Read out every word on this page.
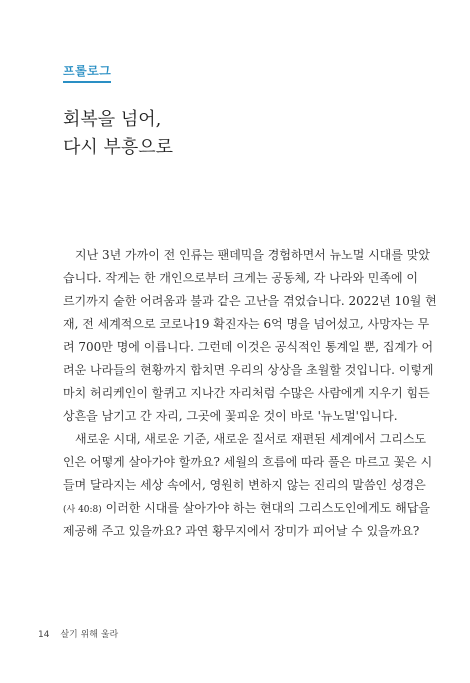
프롤로그
회복을 넘어,
다시 부흥으로
지난 3년 가까이 전 인류는 팬데믹을 경험하면서 뉴노멀 시대를 맞았
습니다. 작게는 한 개인으로부터 크게는 공동체, 각 나라와 민족에 이
르기까지 숱한 어려움과 불과 같은 고난을 겪었습니다. 2022년 10월 현
재, 전 세계적으로 코로나19 확진자는 6억 명을 넘어섰고, 사망자는 무
려 700만 명에 이릅니다. 그런데 이것은 공식적인 통계일 뿐, 집계가 어
려운 나라들의 현황까지 합치면 우리의 상상을 초월할 것입니다. 이렇게
마치 허리케인이 할퀴고 지나간 자리처럼 수많은 사람에게 지우기 힘든
상흔을 남기고 간 자리, 그곳에 꽃피운 것이 바로 '뉴노멀'입니다.
새로운 시대, 새로운 기준, 새로운 질서로 재편된 세계에서 그리스도
인은 어떻게 살아가야 할까요? 세월의 흐름에 따라 풀은 마르고 꽃은 시
들며 달라지는 세상 속에서, 영원히 변하지 않는 진리의 말씀인 성경은
(사 40:8) 이러한 시대를 살아가야 하는 현대의 그리스도인에게도 해답을
제공해 주고 있을까요? 과연 황무지에서 장미가 피어날 수 있을까요?
14 살기 위해 울라
